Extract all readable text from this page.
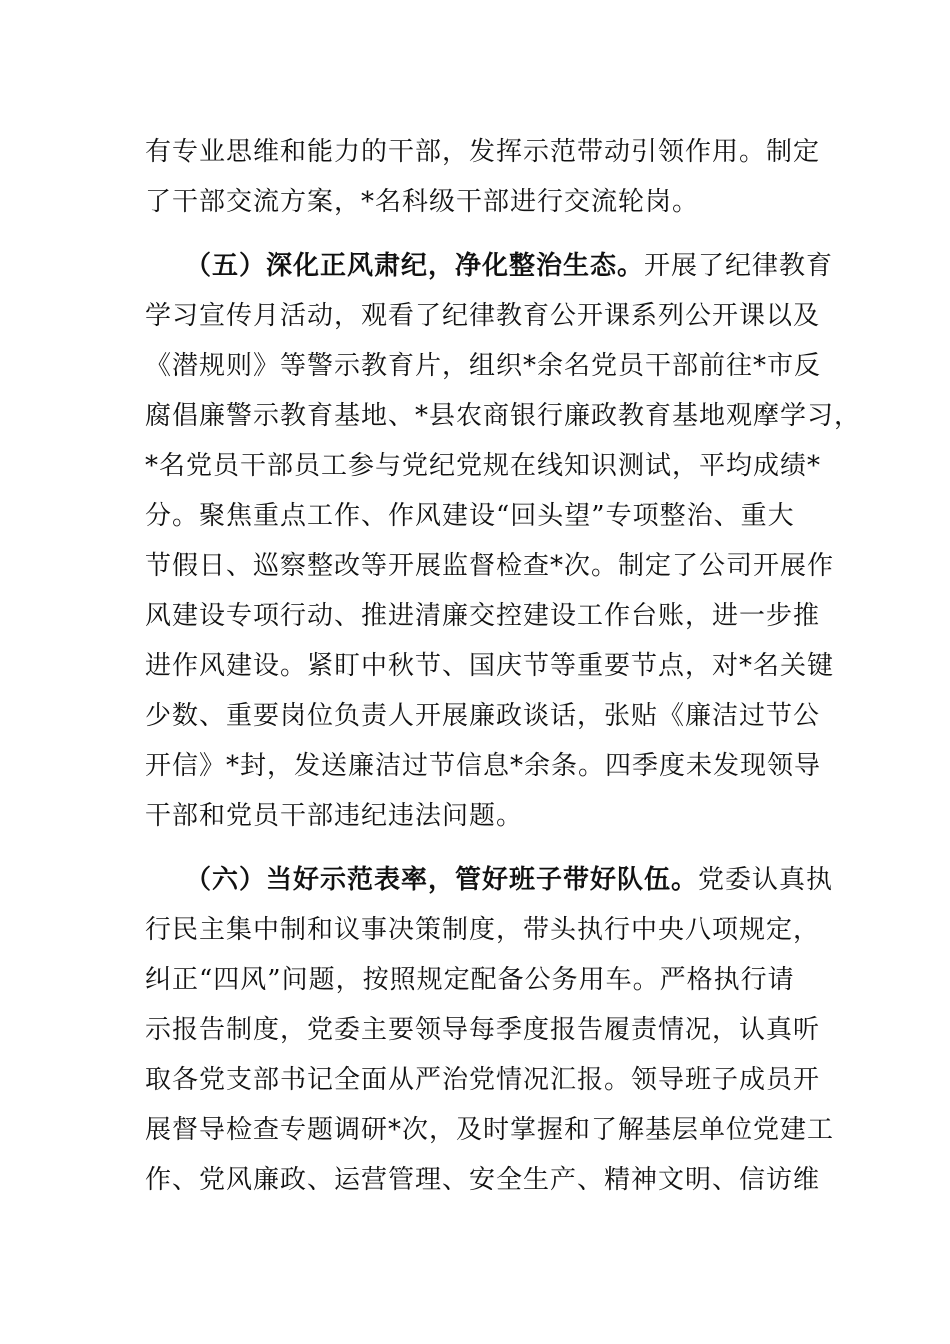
有专业思维和能力的干部，发挥示范带动引领作用。制定
了干部交流方案，*名科级干部进行交流轮岗。
（五）深化正风肃纪，净化整治生态。开展了纪律教育
学习宣传月活动，观看了纪律教育公开课系列公开课以及
《潜规则》等警示教育片，组织*余名党员干部前往*市反
腐倡廉警示教育基地、*县农商银行廉政教育基地观摩学习，
*名党员干部员工参与党纪党规在线知识测试，平均成绩*
分。聚焦重点工作、作风建设“回头望”专项整治、重大
节假日、巡察整改等开展监督检查*次。制定了公司开展作
风建设专项行动、推进清廉交控建设工作台账，进一步推
进作风建设。紧盯中秋节、国庆节等重要节点，对*名关键
少数、重要岗位负责人开展廉政谈话，张贴《廉洁过节公
开信》*封，发送廉洁过节信息*余条。四季度未发现领导
干部和党员干部违纪违法问题。
（六）当好示范表率，管好班子带好队伍。党委认真执
行民主集中制和议事决策制度，带头执行中央八项规定，
纠正“四风”问题，按照规定配备公务用车。严格执行请
示报告制度，党委主要领导每季度报告履责情况，认真听
取各党支部书记全面从严治党情况汇报。领导班子成员开
展督导检查专题调研*次，及时掌握和了解基层单位党建工
作、党风廉政、运营管理、安全生产、精神文明、信访维
